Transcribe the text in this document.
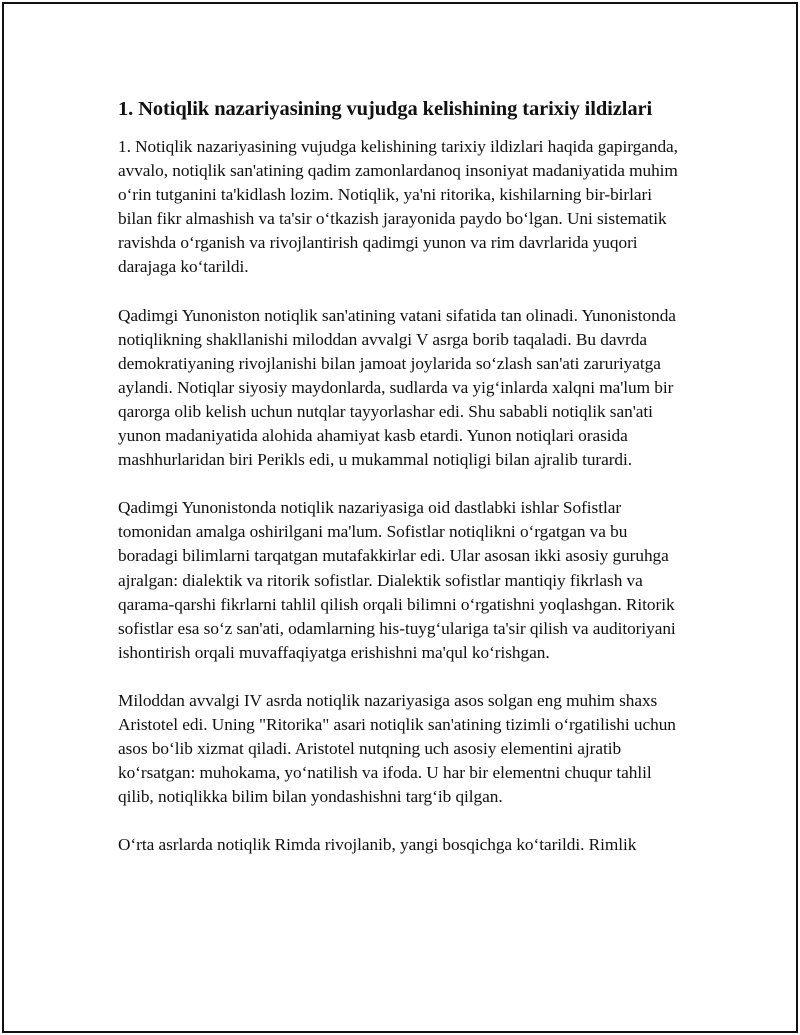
1. Notiqlik nazariyasining vujudga kelishining tarixiy ildizlari

1. Notiqlik nazariyasining vujudga kelishining tarixiy ildizlari haqida gapirganda, avvalo, notiqlik san'atining qadim zamonlardanoq insoniyat madaniyatida muhim o‘rin tutganini ta'kidlash lozim. Notiqlik, ya'ni ritorika, kishilarning bir-birlari bilan fikr almashish va ta'sir o‘tkazish jarayonida paydo bo‘lgan. Uni sistematik ravishda o‘rganish va rivojlantirish qadimgi yunon va rim davrlarida yuqori darajaga ko‘tarildi.

Qadimgi Yunoniston notiqlik san'atining vatani sifatida tan olinadi. Yunonistonda notiqlikning shakllanishi miloddan avvalgi V asrga borib taqaladi. Bu davrda demokratiyaning rivojlanishi bilan jamoat joylarida so‘zlash san'ati zaruriyatga aylandi. Notiqlar siyosiy maydonlarda, sudlarda va yig‘inlarda xalqni ma'lum bir qarorga olib kelish uchun nutqlar tayyorlashar edi. Shu sababli notiqlik san'ati yunon madaniyatida alohida ahamiyat kasb etardi. Yunon notiqlari orasida mashhurlaridan biri Perikls edi, u mukammal notiqligi bilan ajralib turardi.

Qadimgi Yunonistonda notiqlik nazariyasiga oid dastlabki ishlar Sofistlar tomonidan amalga oshirilgani ma'lum. Sofistlar notiqlikni o‘rgatgan va bu boradagi bilimlarni tarqatgan mutafakkirlar edi. Ular asosan ikki asosiy guruhga ajralgan: dialektik va ritorik sofistlar. Dialektik sofistlar mantiqiy fikrlash va qarama-qarshi fikrlarni tahlil qilish orqali bilimni o‘rgatishni yoqlashgan. Ritorik sofistlar esa so‘z san'ati, odamlarning his-tuyg‘ulariga ta'sir qilish va auditoriyani ishontirish orqali muvaffaqiyatga erishishni ma'qul ko‘rishgan.

Miloddan avvalgi IV asrda notiqlik nazariyasiga asos solgan eng muhim shaxs Aristotel edi. Uning "Ritorika" asari notiqlik san'atining tizimli o‘rgatilishi uchun asos bo‘lib xizmat qiladi. Aristotel nutqning uch asosiy elementini ajratib ko‘rsatgan: muhokama, yo‘natilish va ifoda. U har bir elementni chuqur tahlil qilib, notiqlikka bilim bilan yondashishni targ‘ib qilgan.

O‘rta asrlarda notiqlik Rimda rivojlanib, yangi bosqichga ko‘tarildi. Rimlik
